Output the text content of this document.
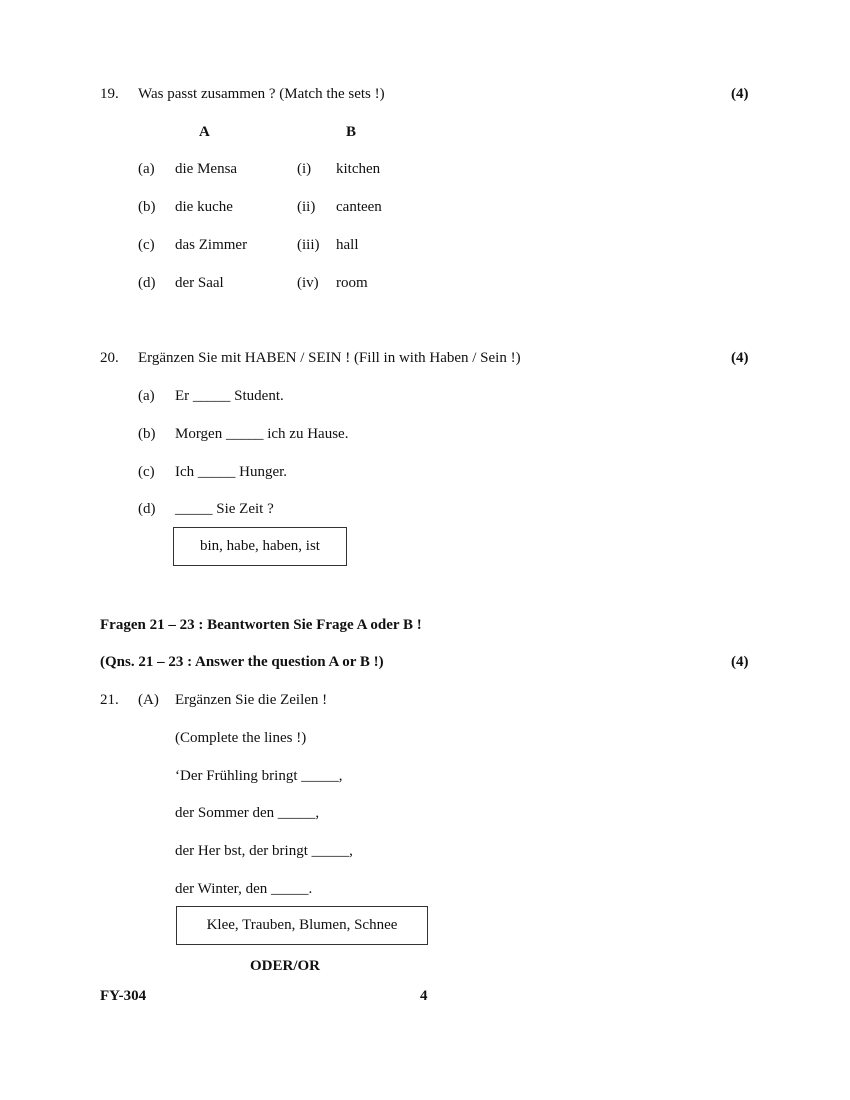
19. Was passt zusammen ? (Match the sets !)	(4)
A	B
(a) die Mensa	(i) kitchen
(b) die kuche	(ii) canteen
(c) das Zimmer	(iii) hall
(d) der Saal	(iv) room
20. Ergänzen Sie mit HABEN / SEIN ! (Fill in with Haben / Sein !)	(4)
(a) Er _____ Student.
(b) Morgen _____ ich zu Hause.
(c) Ich _____ Hunger.
(d) _____ Sie Zeit ?
bin, habe, haben, ist
Fragen 21 – 23 : Beantworten Sie Frage A oder B !
(Qns. 21 – 23 : Answer the question A or B !)	(4)
21. (A) Ergänzen Sie die Zeilen !
(Complete the lines !)
‘Der Frühling bringt _____,
der Sommer den _____,
der Her bst, der bringt _____,
der Winter, den _____.
Klee, Trauben, Blumen, Schnee
ODER/OR
FY-304	4
